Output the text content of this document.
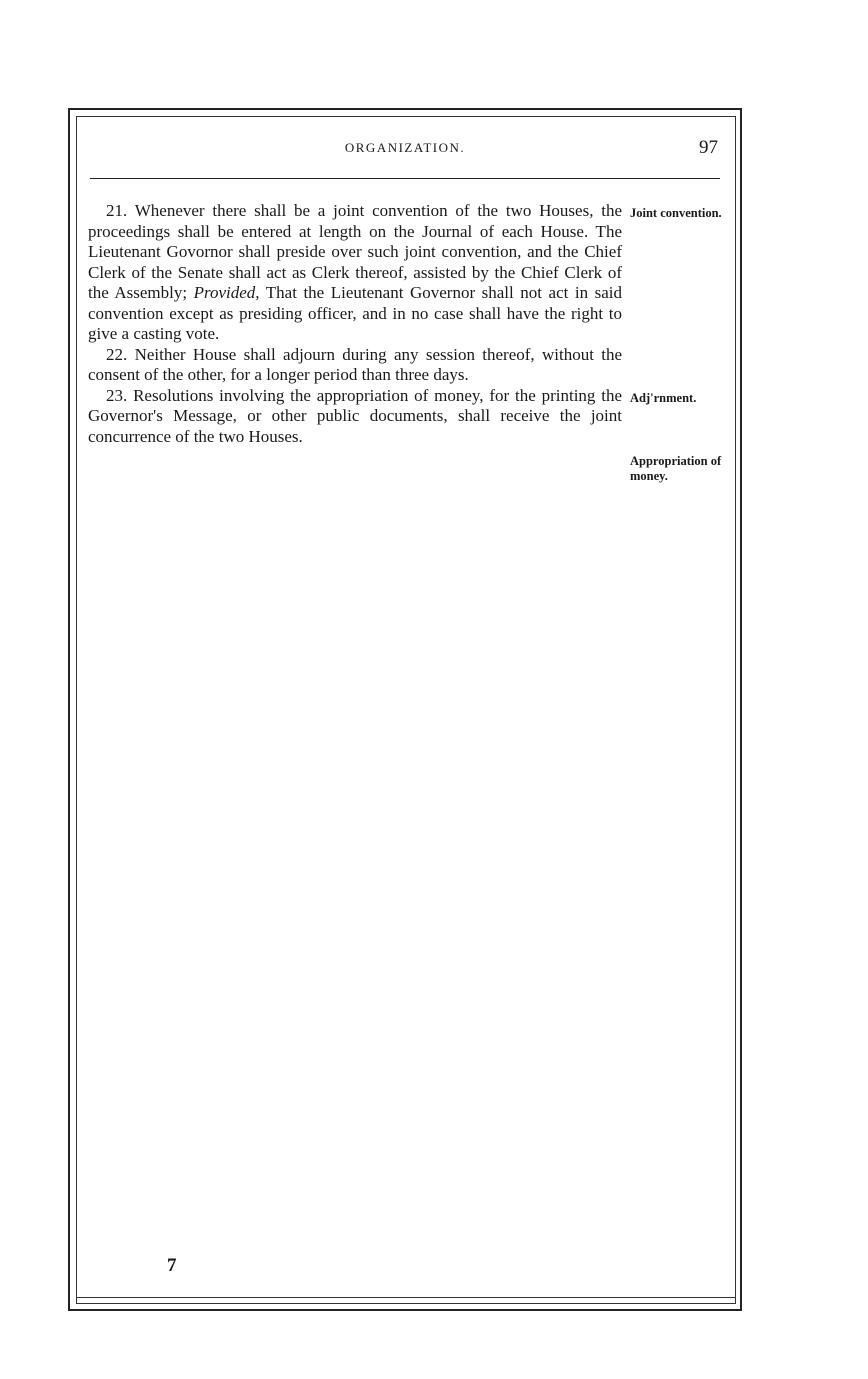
ORGANIZATION.	97

21. Whenever there shall be a joint convention of the two Houses, the proceedings shall be entered at length on the Journal of each House. The Lieutenant Govornor shall preside over such joint convention, and the Chief Clerk of the Senate shall act as Clerk thereof, assisted by the Chief Clerk of the Assembly; Provided, That the Lieutenant Governor shall not act in said convention except as presiding officer, and in no case shall have the right to give a casting vote.

22. Neither House shall adjourn during any session thereof, without the consent of the other, for a longer period than three days.

23. Resolutions involving the appropriation of money, for the printing the Governor's Message, or other public documents, shall receive the joint concurrence of the two Houses.

Joint convention.
Adj'rnment.
Appropriation of money.
7
